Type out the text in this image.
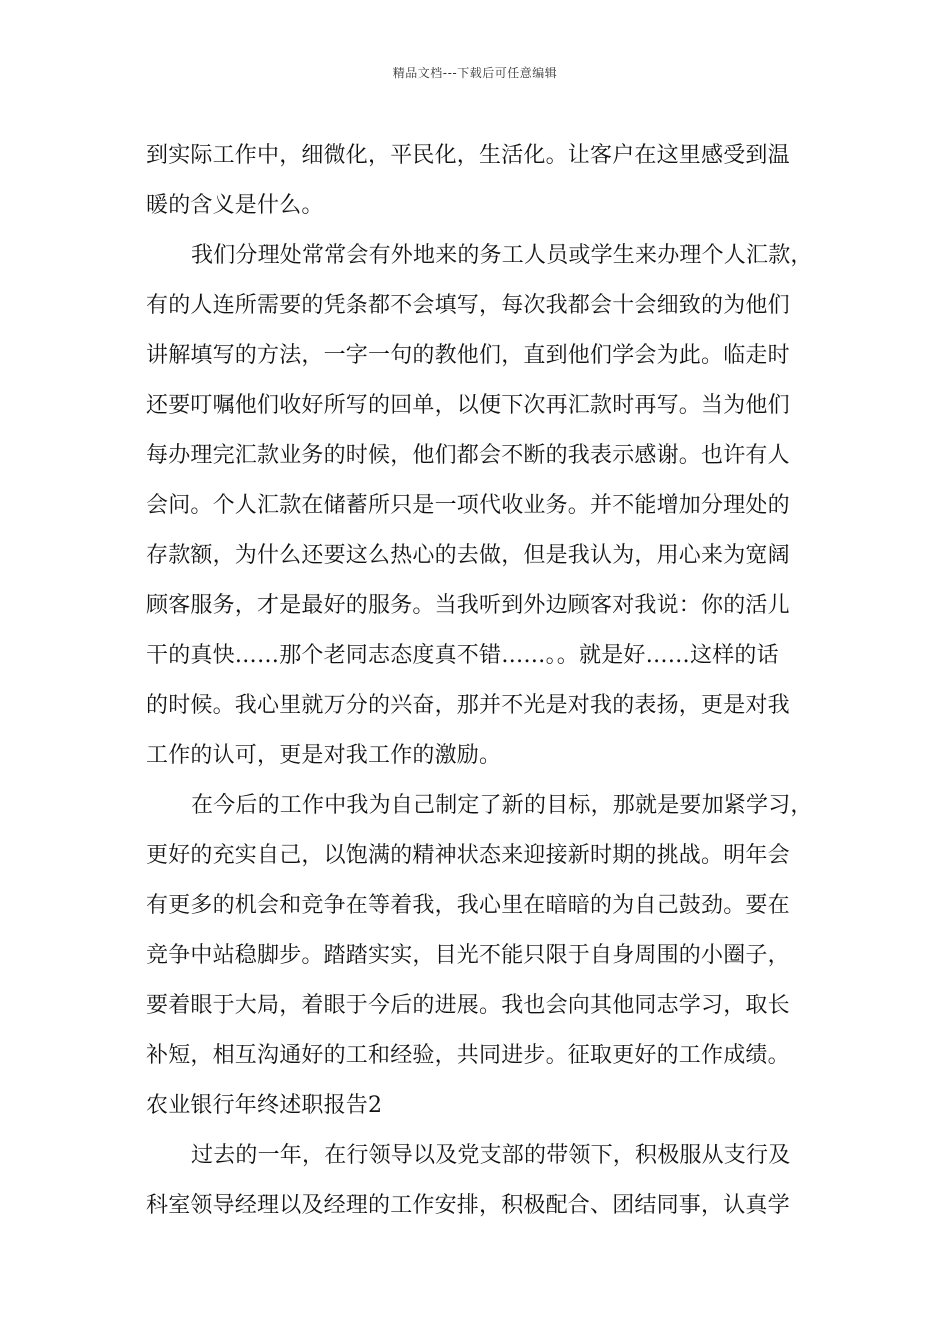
精品文档---下载后可任意编辑
到实际工作中，细微化，平民化，生活化。让客户在这里感受到温
暖的含义是什么。
我们分理处常常会有外地来的务工人员或学生来办理个人汇款，
有的人连所需要的凭条都不会填写，每次我都会十会细致的为他们
讲解填写的方法，一字一句的教他们，直到他们学会为此。临走时
还要叮嘱他们收好所写的回单，以便下次再汇款时再写。当为他们
每办理完汇款业务的时候，他们都会不断的我表示感谢。也许有人
会问。个人汇款在储蓄所只是一项代收业务。并不能增加分理处的
存款额，为什么还要这么热心的去做，但是我认为，用心来为宽阔
顾客服务，才是最好的服务。当我听到外边顾客对我说：你的活儿
干的真快……那个老同志态度真不错……。。就是好……这样的话
的时候。我心里就万分的兴奋，那并不光是对我的表扬，更是对我
工作的认可，更是对我工作的激励。
在今后的工作中我为自己制定了新的目标，那就是要加紧学习，
更好的充实自己，以饱满的精神状态来迎接新时期的挑战。明年会
有更多的机会和竞争在等着我，我心里在暗暗的为自己鼓劲。要在
竞争中站稳脚步。踏踏实实，目光不能只限于自身周围的小圈子，
要着眼于大局，着眼于今后的进展。我也会向其他同志学习，取长
补短，相互沟通好的工和经验，共同进步。征取更好的工作成绩。
农业银行年终述职报告2
过去的一年，在行领导以及党支部的带领下，积极服从支行及
科室领导经理以及经理的工作安排，积极配合、团结同事，认真学
